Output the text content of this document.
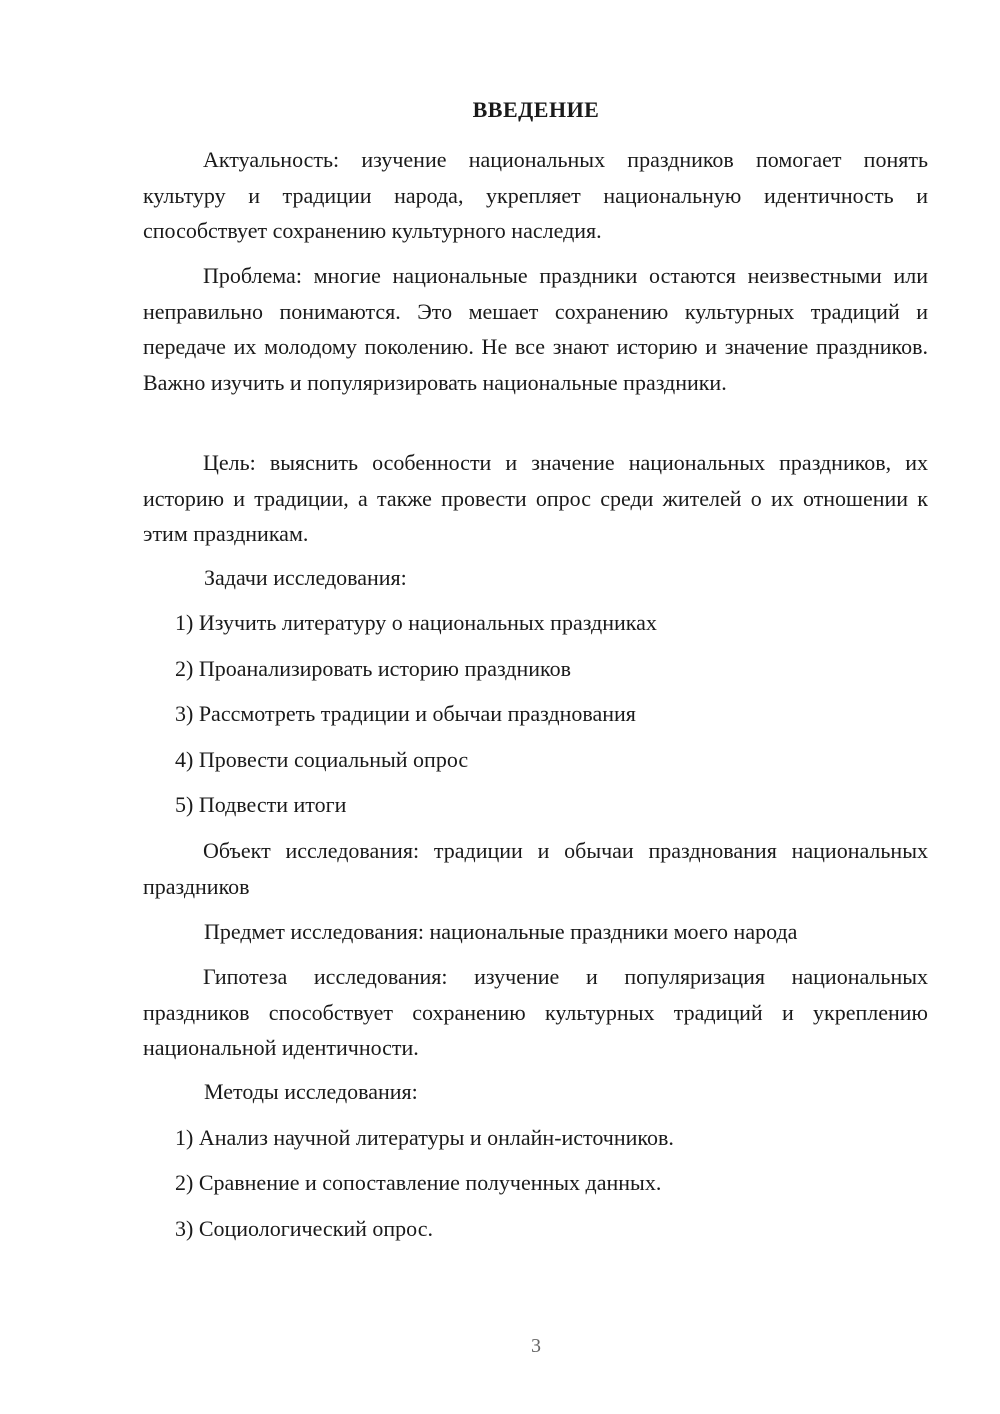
ВВЕДЕНИЕ

Актуальность: изучение национальных праздников помогает понять культуру и традиции народа, укрепляет национальную идентичность и способствует сохранению культурного наследия.

Проблема: многие национальные праздники остаются неизвестными или неправильно понимаются. Это мешает сохранению культурных традиций и передаче их молодому поколению. Не все знают историю и значение праздников. Важно изучить и популяризировать национальные праздники.

Цель: выяснить особенности и значение национальных праздников, их историю и традиции, а также провести опрос среди жителей о их отношении к этим праздникам.

Задачи исследования:
1) Изучить литературу о национальных праздниках
2) Проанализировать историю праздников
3) Рассмотреть традиции и обычаи празднования
4) Провести социальный опрос
5) Подвести итоги

Объект исследования: традиции и обычаи празднования национальных праздников

Предмет исследования: национальные праздники моего народа

Гипотеза исследования: изучение и популяризация национальных праздников способствует сохранению культурных традиций и укреплению национальной идентичности.

Методы исследования:
1) Анализ научной литературы и онлайн-источников.
2) Сравнение и сопоставление полученных данных.
3) Социологический опрос.
3
